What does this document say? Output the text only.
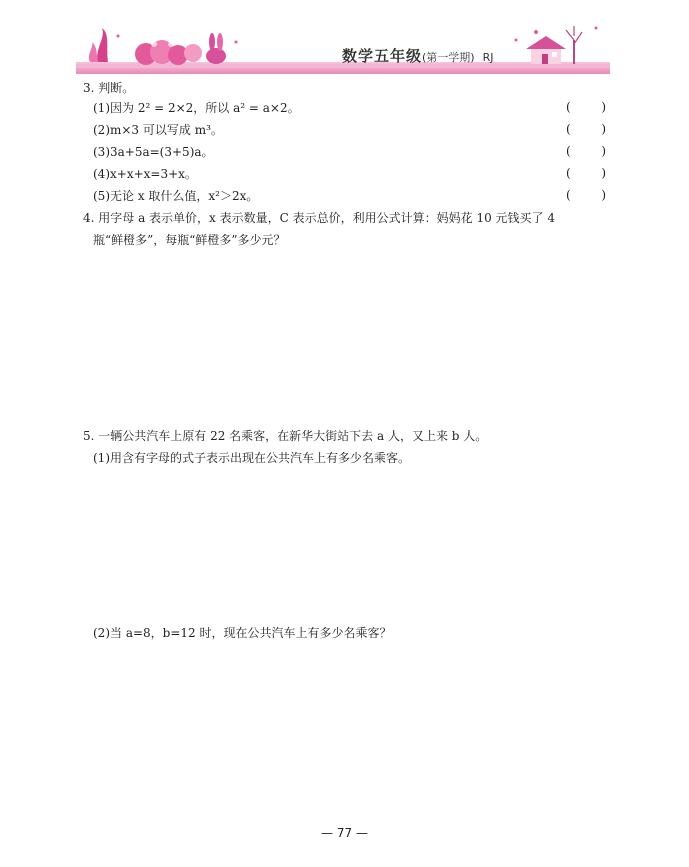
数学五年级(第一学期) RJ
3. 判断。
(1)因为 2² = 2×2，所以 a² = a×2。	(	)
(2)m×3 可以写成 m³。	(	)
(3)3a+5a=(3+5)a。	(	)
(4)x+x+x=3+x。	(	)
(5)无论 x 取什么值，x²＞2x。	(	)
4. 用字母 a 表示单价，x 表示数量，C 表示总价，利用公式计算：妈妈花 10 元钱买了 4
瓶“鲜橙多”，每瓶“鲜橙多”多少元？
5. 一辆公共汽车上原有 22 名乘客，在新华大街站下去 a 人，又上来 b 人。
(1)用含有字母的式子表示出现在公共汽车上有多少名乘客。
(2)当 a=8，b=12 时，现在公共汽车上有多少名乘客？
— 77 —
